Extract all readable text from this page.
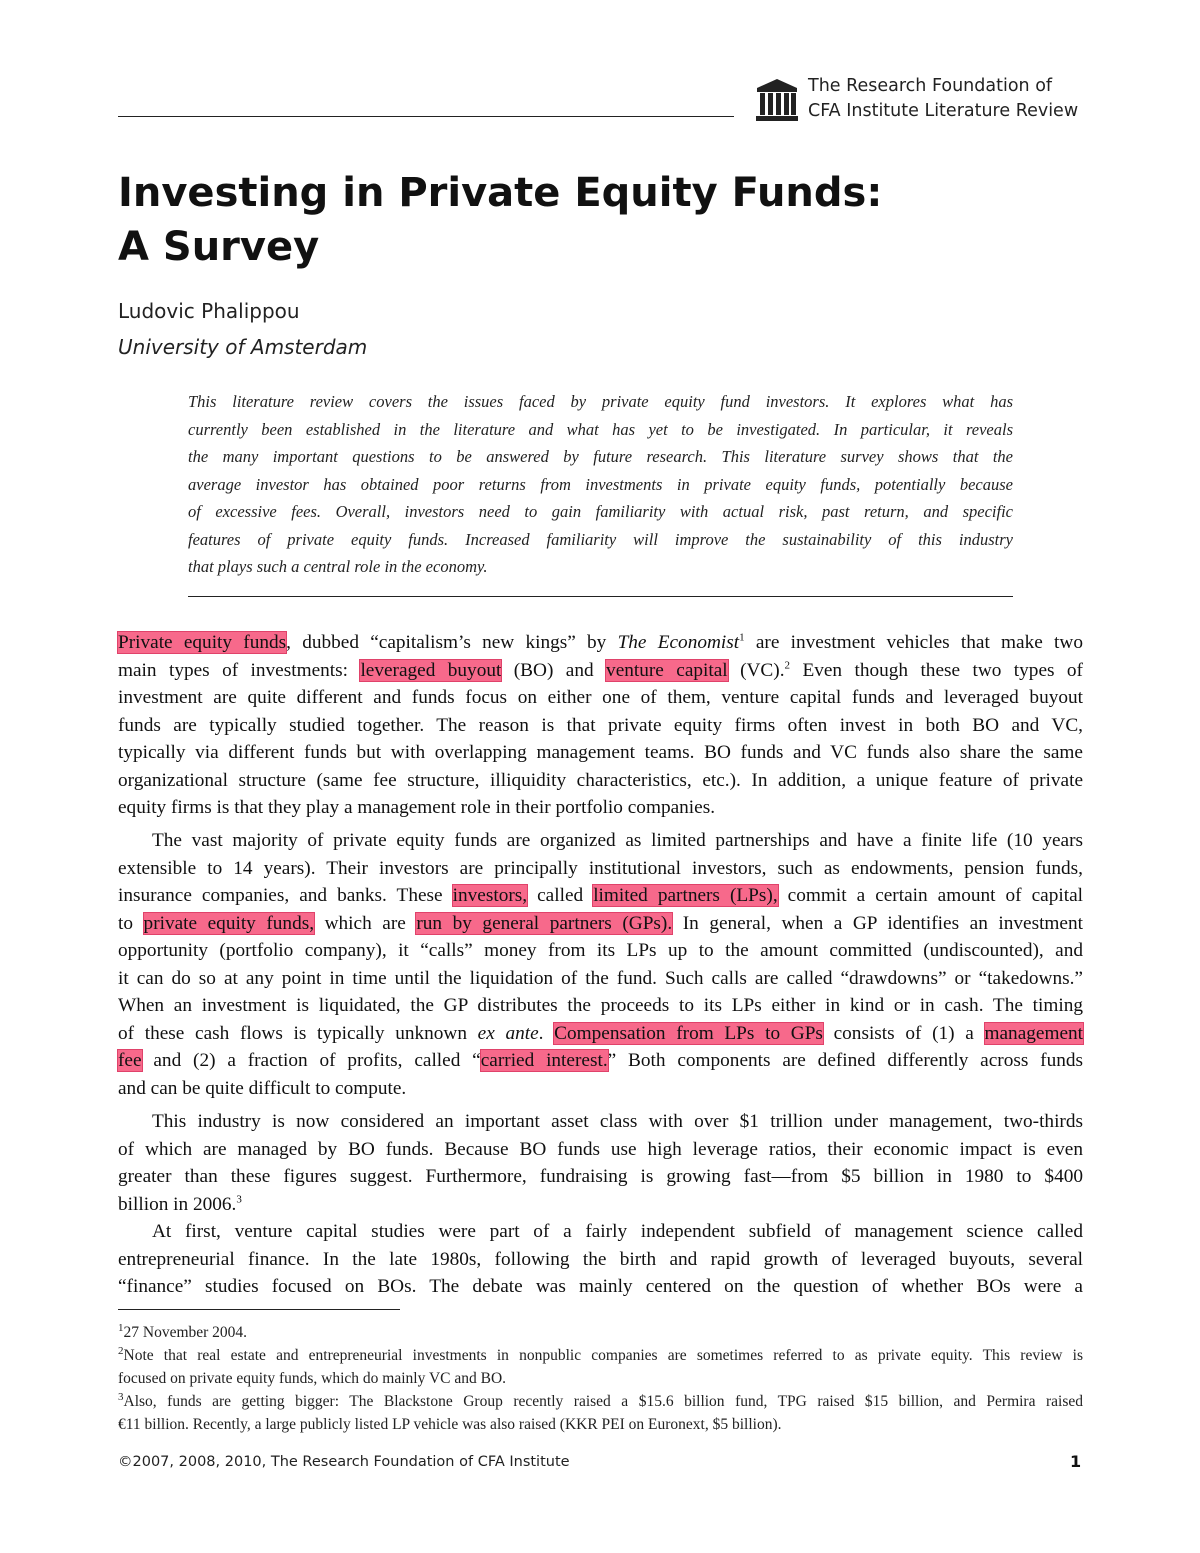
The Research Foundation of
CFA Institute Literature Review
Investing in Private Equity Funds:
A Survey
Ludovic Phalippou
University of Amsterdam
This literature review covers the issues faced by private equity fund investors. It explores what has
currently been established in the literature and what has yet to be investigated. In particular, it reveals
the many important questions to be answered by future research. This literature survey shows that the
average investor has obtained poor returns from investments in private equity funds, potentially because
of excessive fees. Overall, investors need to gain familiarity with actual risk, past return, and specific
features of private equity funds. Increased familiarity will improve the sustainability of this industry
that plays such a central role in the economy.
Private equity funds, dubbed “capitalism’s new kings” by The Economist$^1$ are investment vehicles that make two
main types of investments: leveraged buyout (BO) and venture capital (VC).$^2$ Even though these two types of
investment are quite different and funds focus on either one of them, venture capital funds and leveraged buyout
funds are typically studied together. The reason is that private equity firms often invest in both BO and VC,
typically via different funds but with overlapping management teams. BO funds and VC funds also share the same
organizational structure (same fee structure, illiquidity characteristics, etc.). In addition, a unique feature of private
equity firms is that they play a management role in their portfolio companies.
The vast majority of private equity funds are organized as limited partnerships and have a finite life (10 years
extensible to 14 years). Their investors are principally institutional investors, such as endowments, pension funds,
insurance companies, and banks. These investors, called limited partners (LPs), commit a certain amount of capital
to private equity funds, which are run by general partners (GPs). In general, when a GP identifies an investment
opportunity (portfolio company), it “calls” money from its LPs up to the amount committed (undiscounted), and
it can do so at any point in time until the liquidation of the fund. Such calls are called “drawdowns” or “takedowns.”
When an investment is liquidated, the GP distributes the proceeds to its LPs either in kind or in cash. The timing
of these cash flows is typically unknown ex ante. Compensation from LPs to GPs consists of (1) a management
fee and (2) a fraction of profits, called “carried interest.” Both components are defined differently across funds
and can be quite difficult to compute.
This industry is now considered an important asset class with over $1 trillion under management, two-thirds
of which are managed by BO funds. Because BO funds use high leverage ratios, their economic impact is even
greater than these figures suggest. Furthermore, fundraising is growing fast—from $5 billion in 1980 to $400
billion in 2006.$^3$
At first, venture capital studies were part of a fairly independent subfield of management science called
entrepreneurial finance. In the late 1980s, following the birth and rapid growth of leveraged buyouts, several
“finance” studies focused on BOs. The debate was mainly centered on the question of whether BOs were a
$^1$27 November 2004.
$^2$Note that real estate and entrepreneurial investments in nonpublic companies are sometimes referred to as private equity. This review is
focused on private equity funds, which do mainly VC and BO.
$^3$Also, funds are getting bigger: The Blackstone Group recently raised a $15.6 billion fund, TPG raised $15 billion, and Permira raised
€11 billion. Recently, a large publicly listed LP vehicle was also raised (KKR PEI on Euronext, $5 billion).
©2007, 2008, 2010, The Research Foundation of CFA Institute	1
